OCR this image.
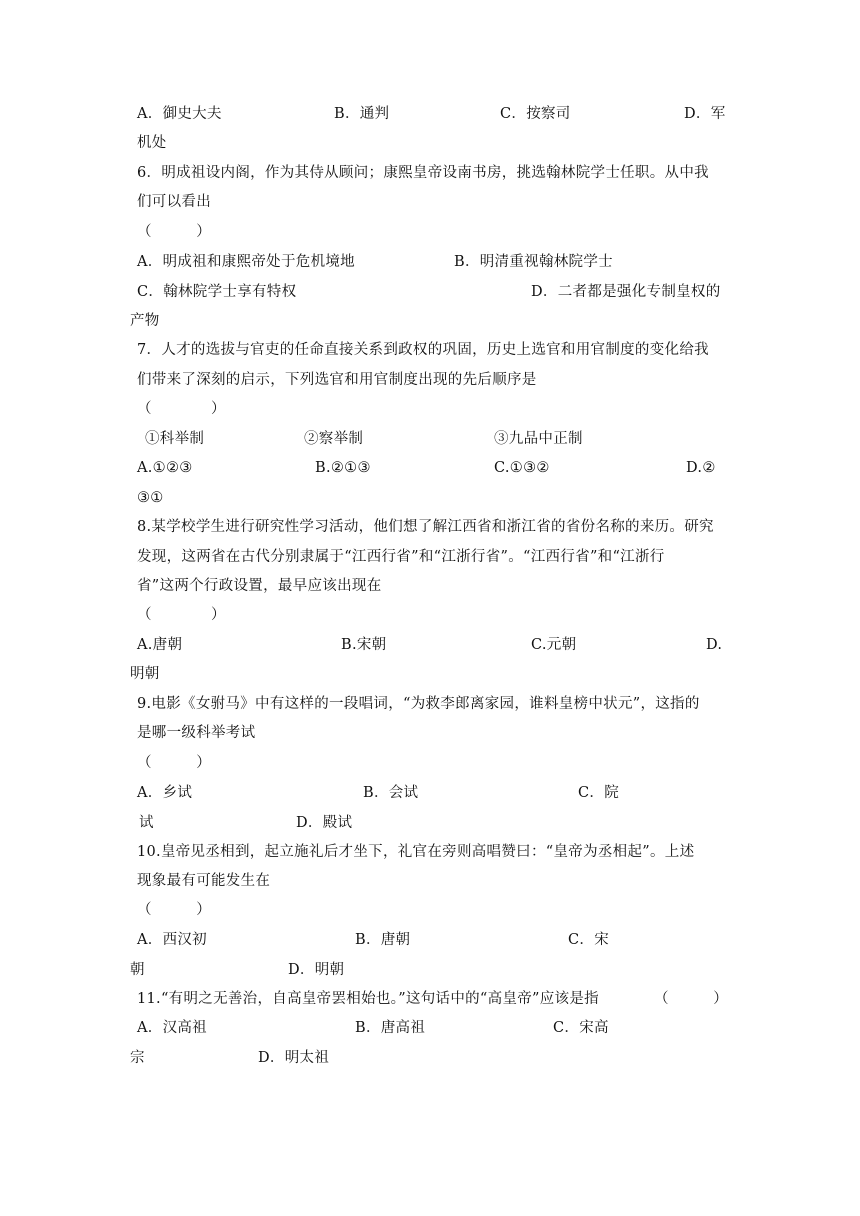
A．御史大夫	B．通判	C．按察司	D．军
机处
6．明成祖设内阁，作为其侍从顾问；康熙皇帝设南书房，挑选翰林院学士任职。从中我
们可以看出
（　　　）
A．明成祖和康熙帝处于危机境地	B．明清重视翰林院学士
C．翰林院学士享有特权	D．二者都是强化专制皇权的
产物
7．人才的选拔与官吏的任命直接关系到政权的巩固，历史上选官和用官制度的变化给我
们带来了深刻的启示，下列选官和用官制度出现的先后顺序是
（　　　　）
①科举制	②察举制	③九品中正制
A.①②③	B.②①③	C.①③②	D.②
③①
8.某学校学生进行研究性学习活动，他们想了解江西省和浙江省的省份名称的来历。研究
发现，这两省在古代分别隶属于“江西行省”和“江浙行省”。“江西行省”和“江浙行
省”这两个行政设置，最早应该出现在
（　　　　）
A.唐朝	B.宋朝	C.元朝	D.
明朝
9.电影《女驸马》中有这样的一段唱词，“为救李郎离家园，谁料皇榜中状元”，这指的
是哪一级科举考试
（　　　）
A．乡试	B．会试	C．院
试	D．殿试
10.皇帝见丞相到，起立施礼后才坐下，礼官在旁则高唱赞曰：“皇帝为丞相起”。上述
现象最有可能发生在
（　　　）
A．西汉初	B．唐朝	C．宋
朝	D．明朝
11.“有明之无善治，自高皇帝罢相始也。”这句话中的“高皇帝”应该是指	（　　　）
A．汉高祖	B．唐高祖	C．宋高
宗	D．明太祖
